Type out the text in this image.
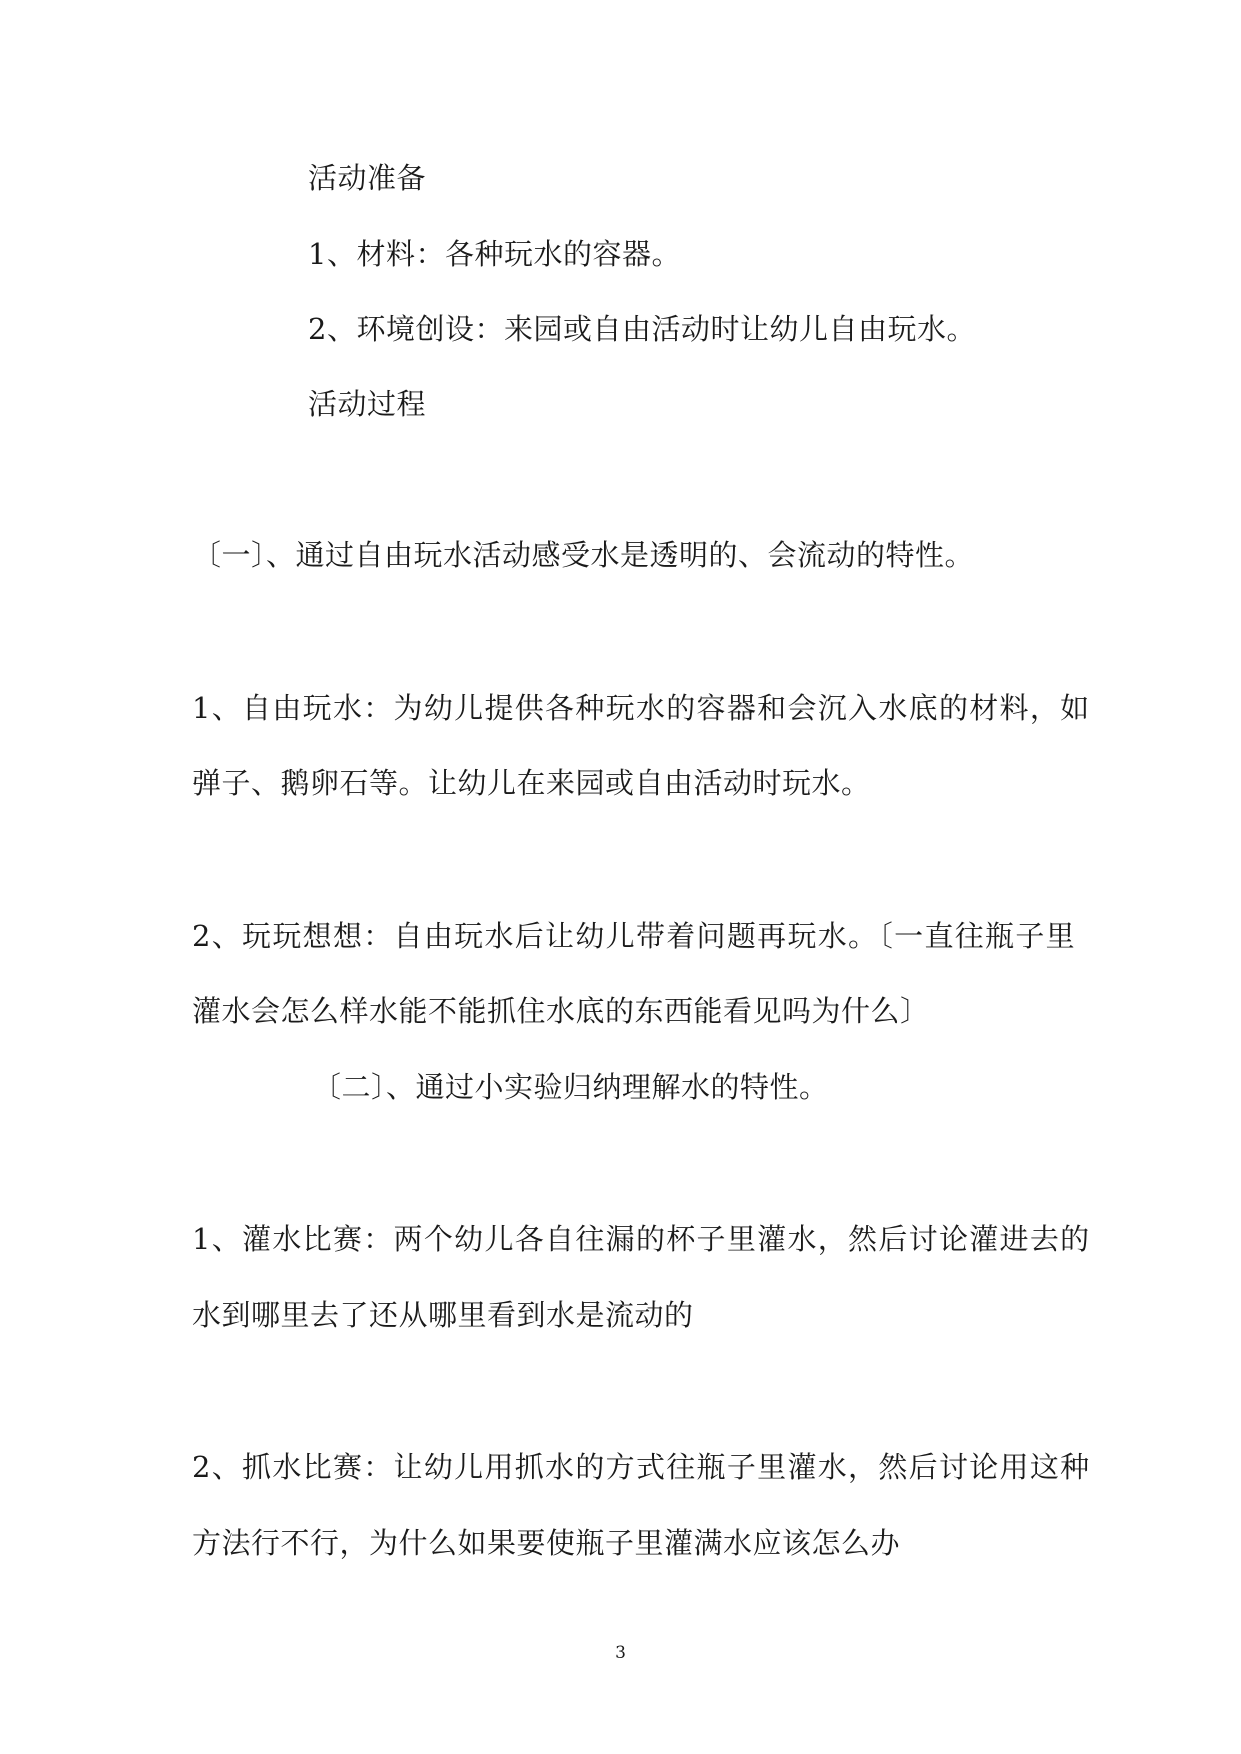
活动准备
1、材料：各种玩水的容器。
2、环境创设：来园或自由活动时让幼儿自由玩水。
活动过程
〔一〕、通过自由玩水活动感受水是透明的、会流动的特性。
1、自由玩水：为幼儿提供各种玩水的容器和会沉入水底的材料，如
弹子、鹅卵石等。让幼儿在来园或自由活动时玩水。
2、玩玩想想：自由玩水后让幼儿带着问题再玩水。〔一直往瓶子里
灌水会怎么样水能不能抓住水底的东西能看见吗为什么〕
〔二〕、通过小实验归纳理解水的特性。
1、灌水比赛：两个幼儿各自往漏的杯子里灌水，然后讨论灌进去的
水到哪里去了还从哪里看到水是流动的
2、抓水比赛：让幼儿用抓水的方式往瓶子里灌水，然后讨论用这种
方法行不行，为什么如果要使瓶子里灌满水应该怎么办
3
